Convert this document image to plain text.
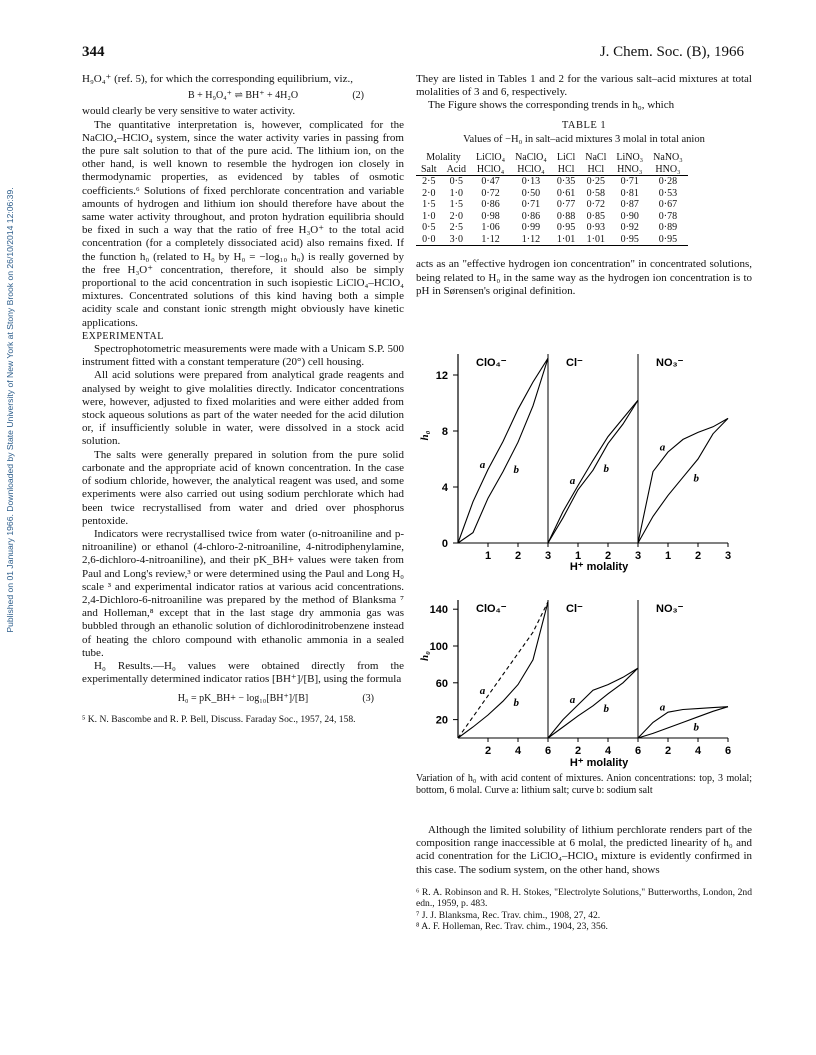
Published on 01 January 1966. Downloaded by State University of New York at Stony Brook on 26/10/2014 12:06:39.
344	J. Chem. Soc. (B), 1966

H₉O₄⁺ (ref. 5), for which the corresponding equilibrium, viz.,

B + H₉O₄⁺ ⇌ BH⁺ + 4H₂O	(2)

would clearly be very sensitive to water activity.

The quantitative interpretation is, however, complicated for the NaClO₄–HClO₄ system, since the water activity varies in passing from the pure salt solution to that of the pure acid. The lithium ion, on the other hand, is well known to resemble the hydrogen ion closely in thermodynamic properties, as evidenced by tables of osmotic coefficients.⁶ Solutions of fixed perchlorate concentration and variable amounts of hydrogen and lithium ion should therefore have about the same water activity throughout, and proton hydration equilibria should be fixed in such a way that the ratio of free H₃O⁺ to the total acid concentration (for a completely dissociated acid) also remains fixed. If the function h₀ (related to H₀ by H₀ = −log₁₀ h₀) is really governed by the free H₃O⁺ concentration, therefore, it should also be simply proportional to the acid concentration in such isopiestic LiClO₄–HClO₄ mixtures. Concentrated solutions of this kind having both a simple acidity scale and constant ionic strength might obviously have kinetic applications.

EXPERIMENTAL

Spectrophotometric measurements were made with a Unicam S.P. 500 instrument fitted with a constant temperature (20°) cell housing.

All acid solutions were prepared from analytical grade reagents and analysed by weight to give molalities directly. Indicator concentrations were, however, adjusted to fixed molarities and were either added from stock aqueous solutions as part of the water needed for the acid dilution or, if insufficiently soluble in water, were dissolved in a stock acid solution.

The salts were generally prepared in solution from the pure solid carbonate and the appropriate acid of known concentration. In the case of sodium chloride, however, the analytical reagent was used, and some experiments were also carried out using sodium perchlorate which had been twice recrystallised from water and dried over phosphorus pentoxide.

Indicators were recrystallised twice from water (o-nitroaniline and p-nitroaniline) or ethanol (4-chloro-2-nitroaniline, 4-nitrodiphenylamine, 2,6-dichloro-4-nitroaniline), and their pK_BH+ values were taken from Paul and Long's review,³ or were determined using the Paul and Long H₀ scale ³ and experimental indicator ratios at various acid concentrations. 2,4-Dichloro-6-nitroaniline was prepared by the method of Blanksma ⁷ and Holleman,⁸ except that in the last stage dry ammonia gas was bubbled through an ethanolic solution of dichlorodinitrobenzene instead of heating the chloro compound with ethanolic ammonia in a sealed tube.

H₀ Results.—H₀ values were obtained directly from the experimentally determined indicator ratios [BH⁺]/[B], using the formula

H₀ = pK_BH+ − log₁₀[BH⁺]/[B]	(3)

⁵ K. N. Bascombe and R. P. Bell, Discuss. Faraday Soc., 1957, 24, 158.

They are listed in Tables 1 and 2 for the various salt–acid mixtures at total molalities of 3 and 6, respectively.

The Figure shows the corresponding trends in h₀, which

TABLE 1
Values of −H₀ in salt–acid mixtures 3 molal in total anion
Molality		LiClO₄	NaClO₄	LiCl	NaCl	LiNO₃	NaNO₃
Salt	Acid	HClO₄	HClO₄	HCl	HCl	HNO₃	HNO₃
2·5	0·5	0·47	0·13	0·35	0·25	0·71	0·28
2·0	1·0	0·72	0·50	0·61	0·58	0·81	0·53
1·5	1·5	0·86	0·71	0·77	0·72	0·87	0·67
1·0	2·0	0·98	0·86	0·88	0·85	0·90	0·78
0·5	2·5	1·06	0·99	0·95	0·93	0·92	0·89
0·0	3·0	1·12	1·12	1·01	1·01	0·95	0·95

acts as an "effective hydrogen ion concentration" in concentrated solutions, being related to H₀ in the same way as the hydrogen ion concentration is to pH in Sørensen's original definition.

0
4
8
12
h₀
1 2 3
ClO₄⁻
a	b
1 2 3
Cl⁻
a
b
1 2 3
NO₃⁻
a
b
H⁺ molality
20
60
100
140
h₀
2 4 6
ClO₄⁻
a
b
2 4 6
Cl⁻
a
b
2 4 6
NO₃⁻
a
b
H⁺ molality
Variation of h₀ with acid content of mixtures. Anion concentrations: top, 3 molal; bottom, 6 molal. Curve a: lithium salt; curve b: sodium salt

Although the limited solubility of lithium perchlorate renders part of the composition range inaccessible at 6 molal, the predicted linearity of h₀ and acid conentration for the LiClO₄–HClO₄ mixture is evidently confirmed in this case. The sodium system, on the other hand, shows

⁶ R. A. Robinson and R. H. Stokes, "Electrolyte Solutions," Butterworths, London, 2nd edn., 1959, p. 483.

⁷ J. J. Blanksma, Rec. Trav. chim., 1908, 27, 42.

⁸ A. F. Holleman, Rec. Trav. chim., 1904, 23, 356.
